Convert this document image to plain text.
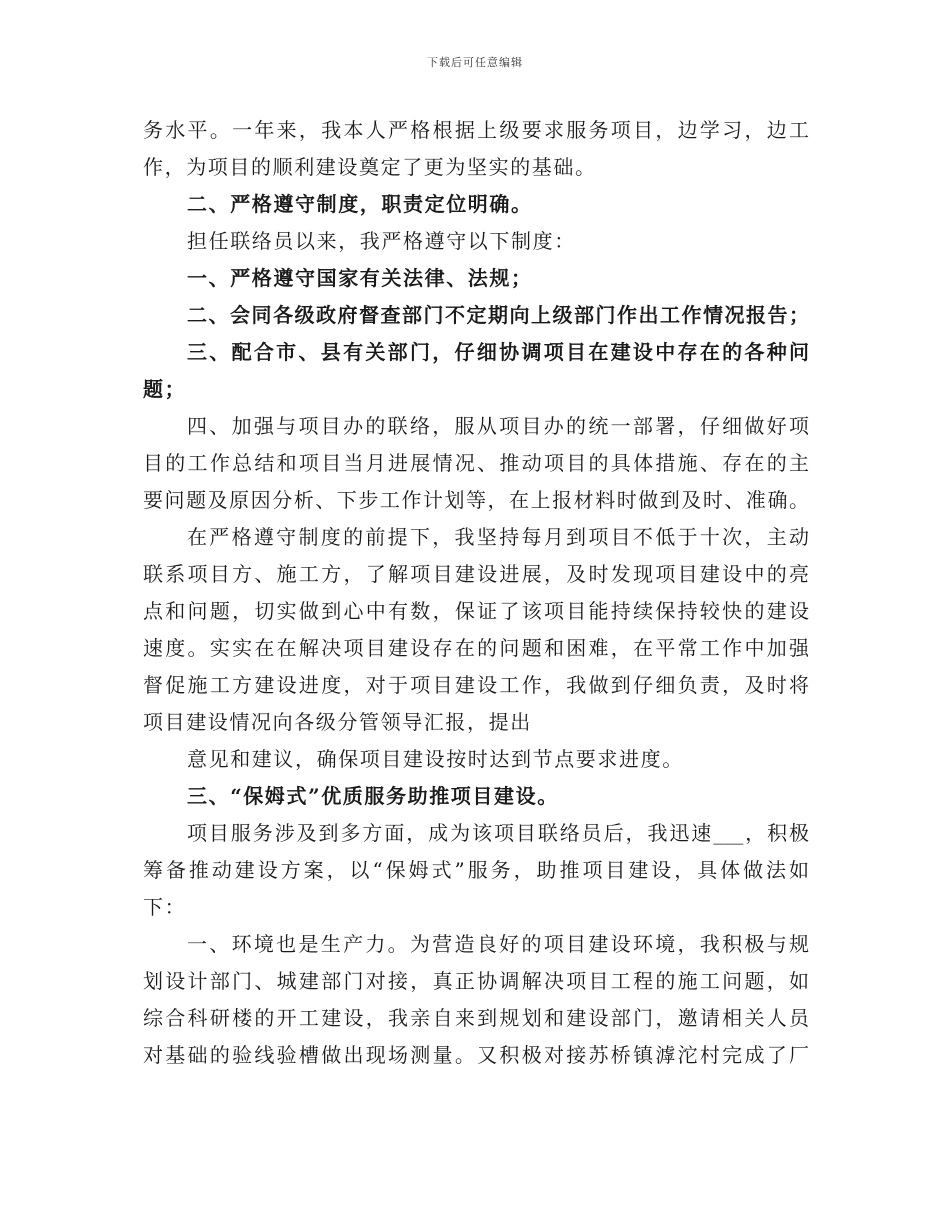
下载后可任意编辑
务水平。一年来，我本人严格根据上级要求服务项目，边学习，边工
作，为项目的顺利建设奠定了更为坚实的基础。
二、严格遵守制度，职责定位明确。
担任联络员以来，我严格遵守以下制度：
一、严格遵守国家有关法律、法规；
二、会同各级政府督查部门不定期向上级部门作出工作情况报告；
三、配合市、县有关部门，仔细协调项目在建设中存在的各种问
题；
四、加强与项目办的联络，服从项目办的统一部署，仔细做好项
目的工作总结和项目当月进展情况、推动项目的具体措施、存在的主
要问题及原因分析、下步工作计划等，在上报材料时做到及时、准确。
在严格遵守制度的前提下，我坚持每月到项目不低于十次，主动
联系项目方、施工方，了解项目建设进展，及时发现项目建设中的亮
点和问题，切实做到心中有数，保证了该项目能持续保持较快的建设
速度。实实在在解决项目建设存在的问题和困难，在平常工作中加强
督促施工方建设进度，对于项目建设工作，我做到仔细负责，及时将
项目建设情况向各级分管领导汇报，提出
意见和建议，确保项目建设按时达到节点要求进度。
三、“保姆式”优质服务助推项目建设。
项目服务涉及到多方面，成为该项目联络员后，我迅速___，积极
筹备推动建设方案，以“保姆式”服务，助推项目建设，具体做法如
下：
一、环境也是生产力。为营造良好的项目建设环境，我积极与规
划设计部门、城建部门对接，真正协调解决项目工程的施工问题，如
综合科研楼的开工建设，我亲自来到规划和建设部门，邀请相关人员
对基础的验线验槽做出现场测量。又积极对接苏桥镇滹沱村完成了厂
